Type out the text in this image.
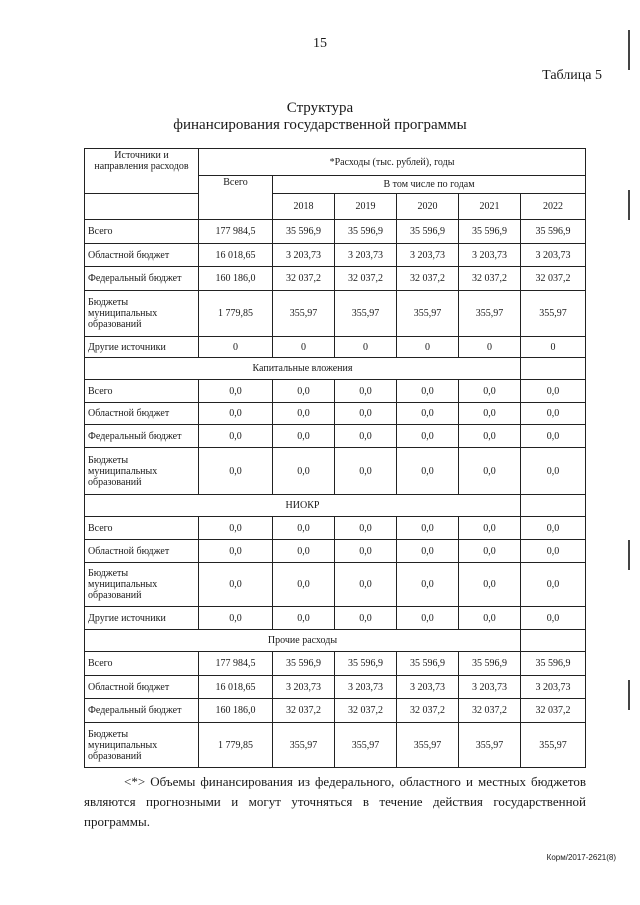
15
Таблица 5
Структура
финансирования государственной программы
Источники и направления расходов	*Расходы (тыс. рублей), годы					
	Всего	В том числе по годам				
		2018	2019	2020	2021	2022
Всего	177 984,5	35 596,9	35 596,9	35 596,9	35 596,9	35 596,9
Областной бюджет	16 018,65	3 203,73	3 203,73	3 203,73	3 203,73	3 203,73
Федеральный бюджет	160 186,0	32 037,2	32 037,2	32 037,2	32 037,2	32 037,2
Бюджеты муниципальных образований	1 779,85	355,97	355,97	355,97	355,97	355,97
Другие источники	0	0	0	0	0	0
Капитальные вложения						
Всего	0,0	0,0	0,0	0,0	0,0	0,0
Областной бюджет	0,0	0,0	0,0	0,0	0,0	0,0
Федеральный бюджет	0,0	0,0	0,0	0,0	0,0	0,0
Бюджеты муниципальных образований	0,0	0,0	0,0	0,0	0,0	0,0
НИОКР						
Всего	0,0	0,0	0,0	0,0	0,0	0,0
Областной бюджет	0,0	0,0	0,0	0,0	0,0	0,0
Бюджеты муниципальных образований	0,0	0,0	0,0	0,0	0,0	0,0
Другие источники	0,0	0,0	0,0	0,0	0,0	0,0
Прочие расходы						
Всего	177 984,5	35 596,9	35 596,9	35 596,9	35 596,9	35 596,9
Областной бюджет	16 018,65	3 203,73	3 203,73	3 203,73	3 203,73	3 203,73
Федеральный бюджет	160 186,0	32 037,2	32 037,2	32 037,2	32 037,2	32 037,2
Бюджеты муниципальных образований	1 779,85	355,97	355,97	355,97	355,97	355,97
<*> Объемы финансирования из федерального, областного и местных бюджетов являются прогнозными и могут уточняться в течение действия государственной программы.
Корм/2017-2621(8)
